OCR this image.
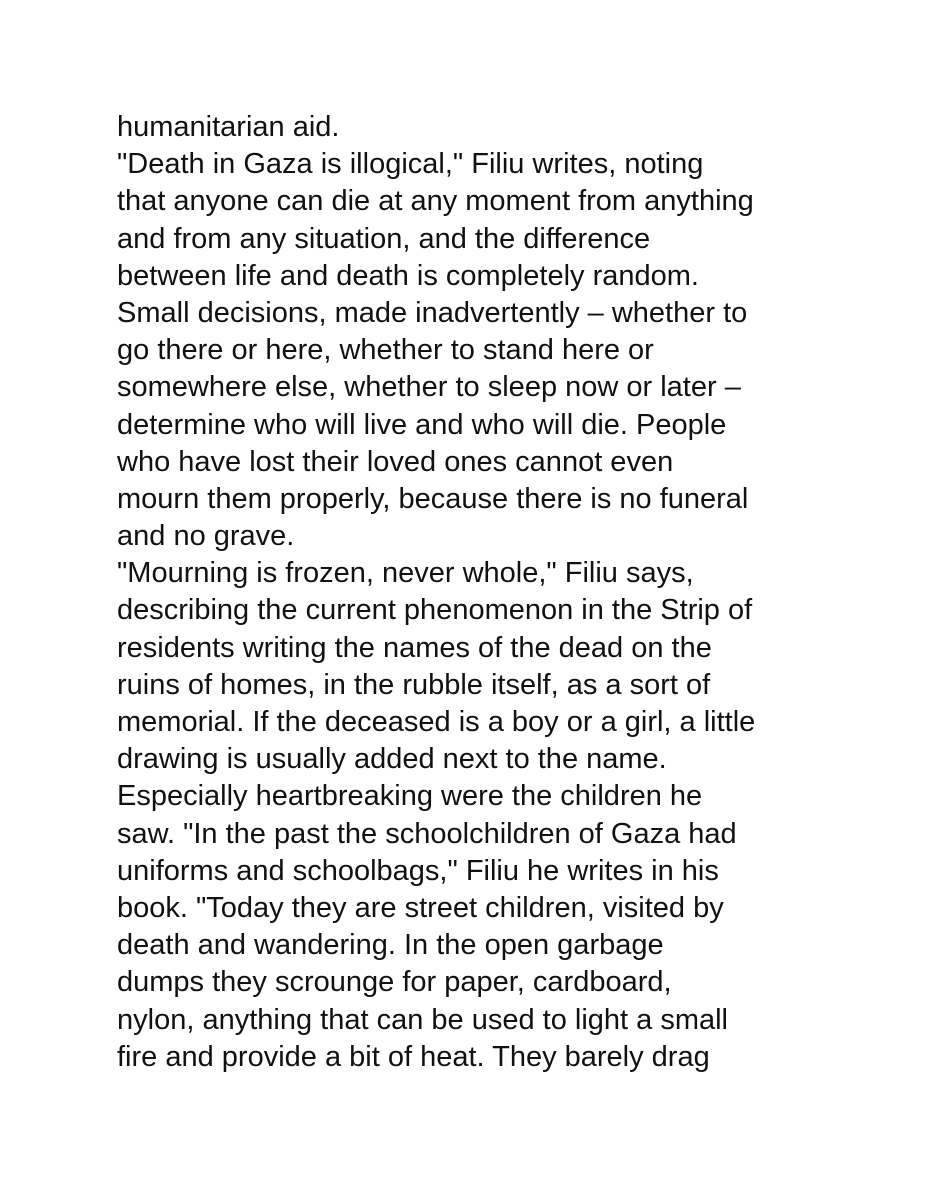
humanitarian aid.
"Death in Gaza is illogical," Filiu writes, noting
that anyone can die at any moment from anything
and from any situation, and the difference
between life and death is completely random.
Small decisions, made inadvertently – whether to
go there or here, whether to stand here or
somewhere else, whether to sleep now or later –
determine who will live and who will die. People
who have lost their loved ones cannot even
mourn them properly, because there is no funeral
and no grave.
"Mourning is frozen, never whole," Filiu says,
describing the current phenomenon in the Strip of
residents writing the names of the dead on the
ruins of homes, in the rubble itself, as a sort of
memorial. If the deceased is a boy or a girl, a little
drawing is usually added next to the name.
Especially heartbreaking were the children he
saw. "In the past the schoolchildren of Gaza had
uniforms and schoolbags," Filiu he writes in his
book. "Today they are street children, visited by
death and wandering. In the open garbage
dumps they scrounge for paper, cardboard,
nylon, anything that can be used to light a small
fire and provide a bit of heat. They barely drag
